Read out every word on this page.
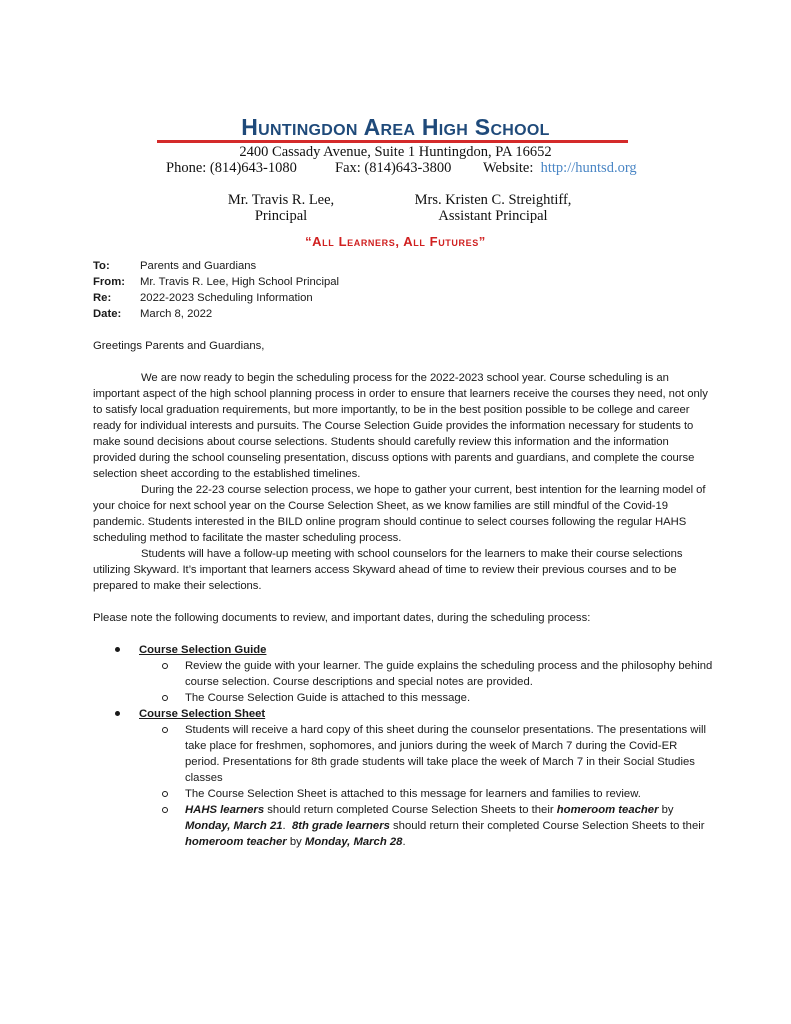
Huntingdon Area High School
2400 Cassady Avenue, Suite 1 Huntingdon, PA 16652
Phone: (814)643-1080	Fax: (814)643-3800 Website: http://huntsd.org
Mr. Travis R. Lee,
Principal
Mrs. Kristen C. Streightiff,
Assistant Principal
“All Learners, All Futures”
To:	Parents and Guardians
From:	Mr. Travis R. Lee, High School Principal
Re:	2022-2023 Scheduling Information
Date:	March 8, 2022
Greetings Parents and Guardians,

We are now ready to begin the scheduling process for the 2022-2023 school year. Course scheduling is an important aspect of the high school planning process in order to ensure that learners receive the courses they need, not only to satisfy local graduation requirements, but more importantly, to be in the best position possible to be college and career ready for individual interests and pursuits. The Course Selection Guide provides the information necessary for students to make sound decisions about course selections. Students should carefully review this information and the information provided during the school counseling presentation, discuss options with parents and guardians, and complete the course selection sheet according to the established timelines.

During the 22-23 course selection process, we hope to gather your current, best intention for the learning model of your choice for next school year on the Course Selection Sheet, as we know families are still mindful of the Covid-19 pandemic. Students interested in the BILD online program should continue to select courses following the regular HAHS scheduling method to facilitate the master scheduling process.

Students will have a follow-up meeting with school counselors for the learners to make their course selections utilizing Skyward. It’s important that learners access Skyward ahead of time to review their previous courses and to be prepared to make their selections.

Please note the following documents to review, and important dates, during the scheduling process:
Course Selection Guide
Review the guide with your learner. The guide explains the scheduling process and the philosophy behind course selection. Course descriptions and special notes are provided.
The Course Selection Guide is attached to this message.
Course Selection Sheet
Students will receive a hard copy of this sheet during the counselor presentations. The presentations will take place for freshmen, sophomores, and juniors during the week of March 7 during the Covid-ER period. Presentations for 8th grade students will take place the week of March 7 in their Social Studies classes
The Course Selection Sheet is attached to this message for learners and families to review.
HAHS learners should return completed Course Selection Sheets to their homeroom teacher by Monday, March 21.  8th grade learners should return their completed Course Selection Sheets to their homeroom teacher by Monday, March 28.
